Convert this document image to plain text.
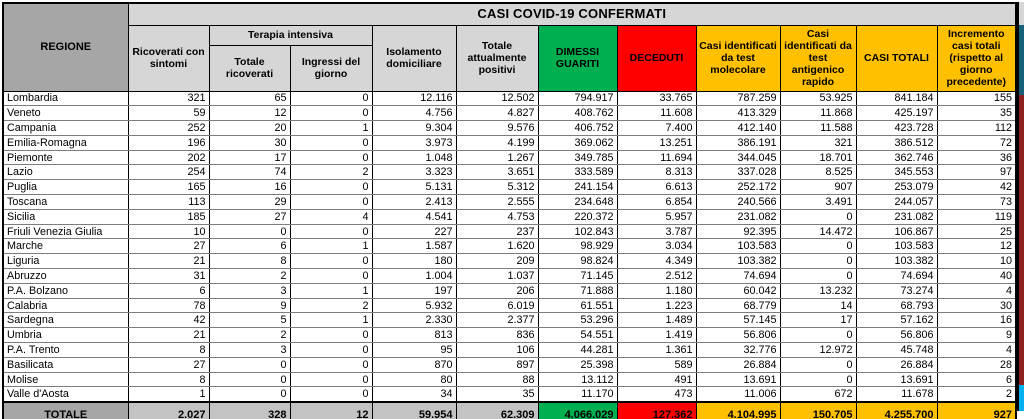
REGIONE	CASI COVID-19 CONFERMATI										
	Ricoverati con sintomi	Terapia intensiva		Isolamento domiciliare	Totale attualmente positivi	DIMESSI GUARITI	DECEDUTI	Casi identificati da test molecolare	Casi identificati da test antigenico rapido	CASI TOTALI	Incremento casi totali (rispetto al giorno precedente)
		Totale ricoverati	Ingressi del giorno								
Lombardia	321	65	0	12.116	12.502	794.917	33.765	787.259	53.925	841.184	155
Veneto	59	12	0	4.756	4.827	408.762	11.608	413.329	11.868	425.197	35
Campania	252	20	1	9.304	9.576	406.752	7.400	412.140	11.588	423.728	112
Emilia-Romagna	196	30	0	3.973	4.199	369.062	13.251	386.191	321	386.512	72
Piemonte	202	17	0	1.048	1.267	349.785	11.694	344.045	18.701	362.746	36
Lazio	254	74	2	3.323	3.651	333.589	8.313	337.028	8.525	345.553	97
Puglia	165	16	0	5.131	5.312	241.154	6.613	252.172	907	253.079	42
Toscana	113	29	0	2.413	2.555	234.648	6.854	240.566	3.491	244.057	73
Sicilia	185	27	4	4.541	4.753	220.372	5.957	231.082	0	231.082	119
Friuli Venezia Giulia	10	0	0	227	237	102.843	3.787	92.395	14.472	106.867	25
Marche	27	6	1	1.587	1.620	98.929	3.034	103.583	0	103.583	12
Liguria	21	8	0	180	209	98.824	4.349	103.382	0	103.382	10
Abruzzo	31	2	0	1.004	1.037	71.145	2.512	74.694	0	74.694	40
P.A. Bolzano	6	3	1	197	206	71.888	1.180	60.042	13.232	73.274	4
Calabria	78	9	2	5.932	6.019	61.551	1.223	68.779	14	68.793	30
Sardegna	42	5	1	2.330	2.377	53.296	1.489	57.145	17	57.162	16
Umbria	21	2	0	813	836	54.551	1.419	56.806	0	56.806	9
P.A. Trento	8	3	0	95	106	44.281	1.361	32.776	12.972	45.748	4
Basilicata	27	0	0	870	897	25.398	589	26.884	0	26.884	28
Molise	8	0	0	80	88	13.112	491	13.691	0	13.691	6
Valle d'Aosta	1	0	0	34	35	11.170	473	11.006	672	11.678	2
TOTALE	2.027	328	12	59.954	62.309	4.066.029	127.362	4.104.995	150.705	4.255.700	927
